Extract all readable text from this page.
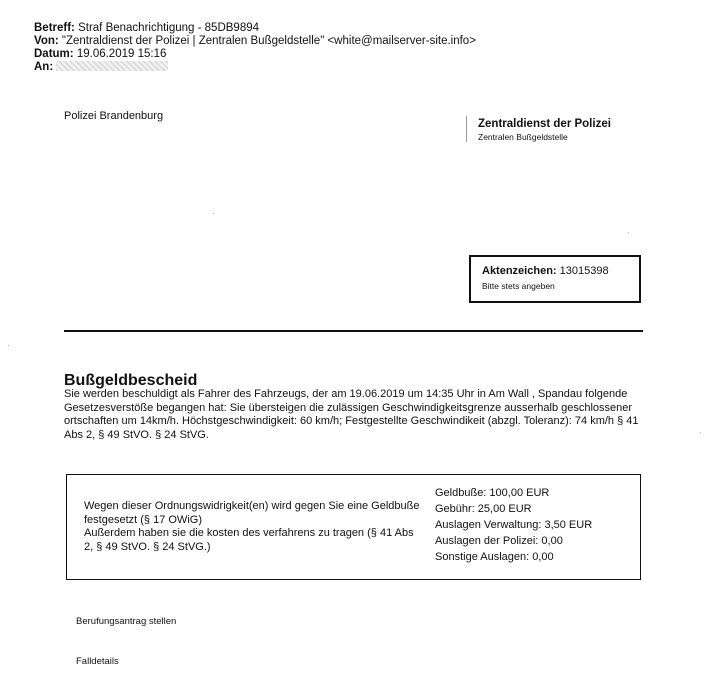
Betreff: Straf Benachrichtigung - 85DB9894
Von: "Zentraldienst der Polizei | Zentralen Bußgeldstelle" <white@mailserver-site.info>
Datum: 19.06.2019 15:16
An:
Polizei Brandenburg
Zentraldienst der Polizei
Zentralen Bußgeldstelle
Aktenzeichen: 13015398
Bitte stets angeben
Bußgeldbescheid
Sie werden beschuldigt als Fahrer des Fahrzeugs, der am 19.06.2019 um 14:35 Uhr in Am Wall , Spandau folgende Gesetzesverstöße begangen hat: Sie übersteigen die zulässigen Geschwindigkeitsgrenze ausserhalb geschlossener ortschaften um 14km/h. Höchstgeschwindigkeit: 60 km/h; Festgestellte Geschwindikeit (abzgl. Toleranz): 74 km/h § 41 Abs 2, § 49 StVO. § 24 StVG.
Wegen dieser Ordnungswidrigkeit(en) wird gegen Sie eine Geldbuße festgesetzt (§ 17 OWiG)
Außerdem haben sie die kosten des verfahrens zu tragen (§ 41 Abs 2, § 49 StVO. § 24 StVG.)
Geldbuße: 100,00 EUR
Gebühr: 25,00 EUR
Auslagen Verwaltung: 3,50 EUR
Auslagen der Polizei: 0,00
Sonstige Auslagen: 0,00
Berufungsantrag stellen
Falldetails
